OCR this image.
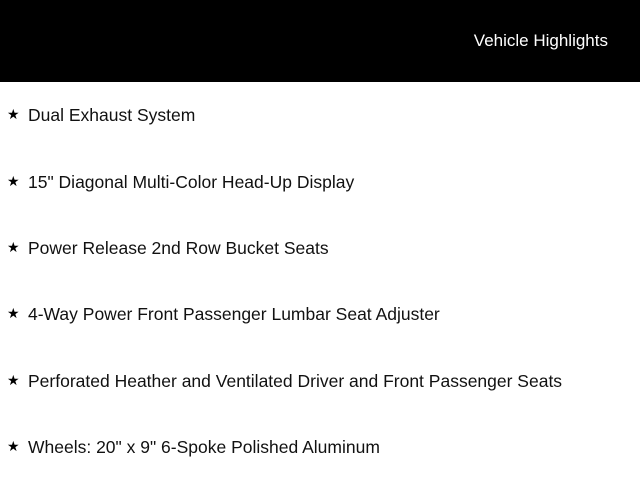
Vehicle Highlights
★ Dual Exhaust System
★ 15" Diagonal Multi-Color Head-Up Display
★ Power Release 2nd Row Bucket Seats
★ 4-Way Power Front Passenger Lumbar Seat Adjuster
★ Perforated Heather and Ventilated Driver and Front Passenger Seats
★ Wheels: 20" x 9" 6-Spoke Polished Aluminum
